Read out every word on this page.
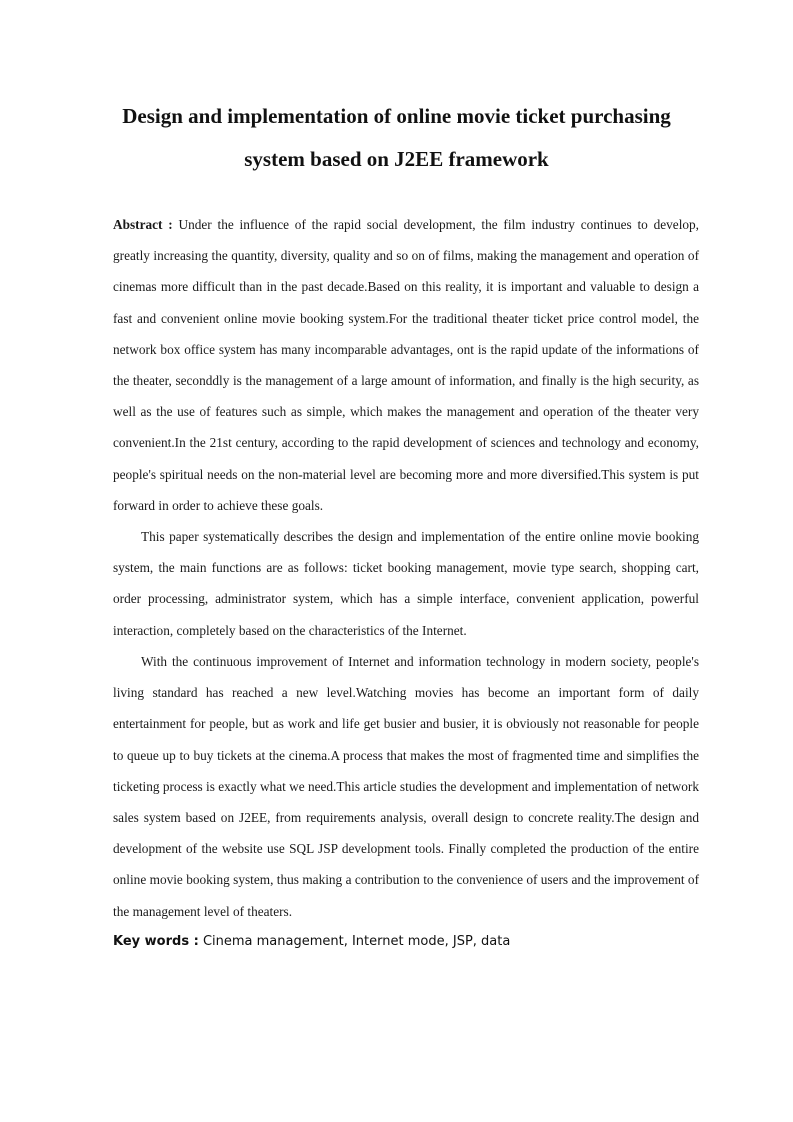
Design and implementation of online movie ticket purchasing
system based on J2EE framework

Abstract : Under the influence of the rapid social development, the film industry continues to develop, greatly increasing the quantity, diversity, quality and so on of films, making the management and operation of cinemas more difficult than in the past decade.Based on this reality, it is important and valuable to design a fast and convenient online movie booking system.For the traditional theater ticket price control model, the network box office system has many incomparable advantages, ont is the rapid update of the informations of the theater, seconddly is the management of a large amount of information, and finally is the high security, as well as the use of features such as simple, which makes the management and operation of the theater very convenient.In the 21st century, according to the rapid development of sciences and technology and economy, people's spiritual needs on the non-material level are becoming more and more diversified.This system is put forward in order to achieve these goals.

This paper systematically describes the design and implementation of the entire online movie booking system, the main functions are as follows: ticket booking management, movie type search, shopping cart, order processing, administrator system, which has a simple interface, convenient application, powerful interaction, completely based on the characteristics of the Internet.

With the continuous improvement of Internet and information technology in modern society, people's living standard has reached a new level.Watching movies has become an important form of daily entertainment for people, but as work and life get busier and busier, it is obviously not reasonable for people to queue up to buy tickets at the cinema.A process that makes the most of fragmented time and simplifies the ticketing process is exactly what we need.This article studies the development and implementation of network sales system based on J2EE, from requirements analysis, overall design to concrete reality.The design and development of the website use SQL JSP development tools. Finally completed the production of the entire online movie booking system, thus making a contribution to the convenience of users and the improvement of the management level of theaters.

Key words : Cinema management, Internet mode, JSP, data
